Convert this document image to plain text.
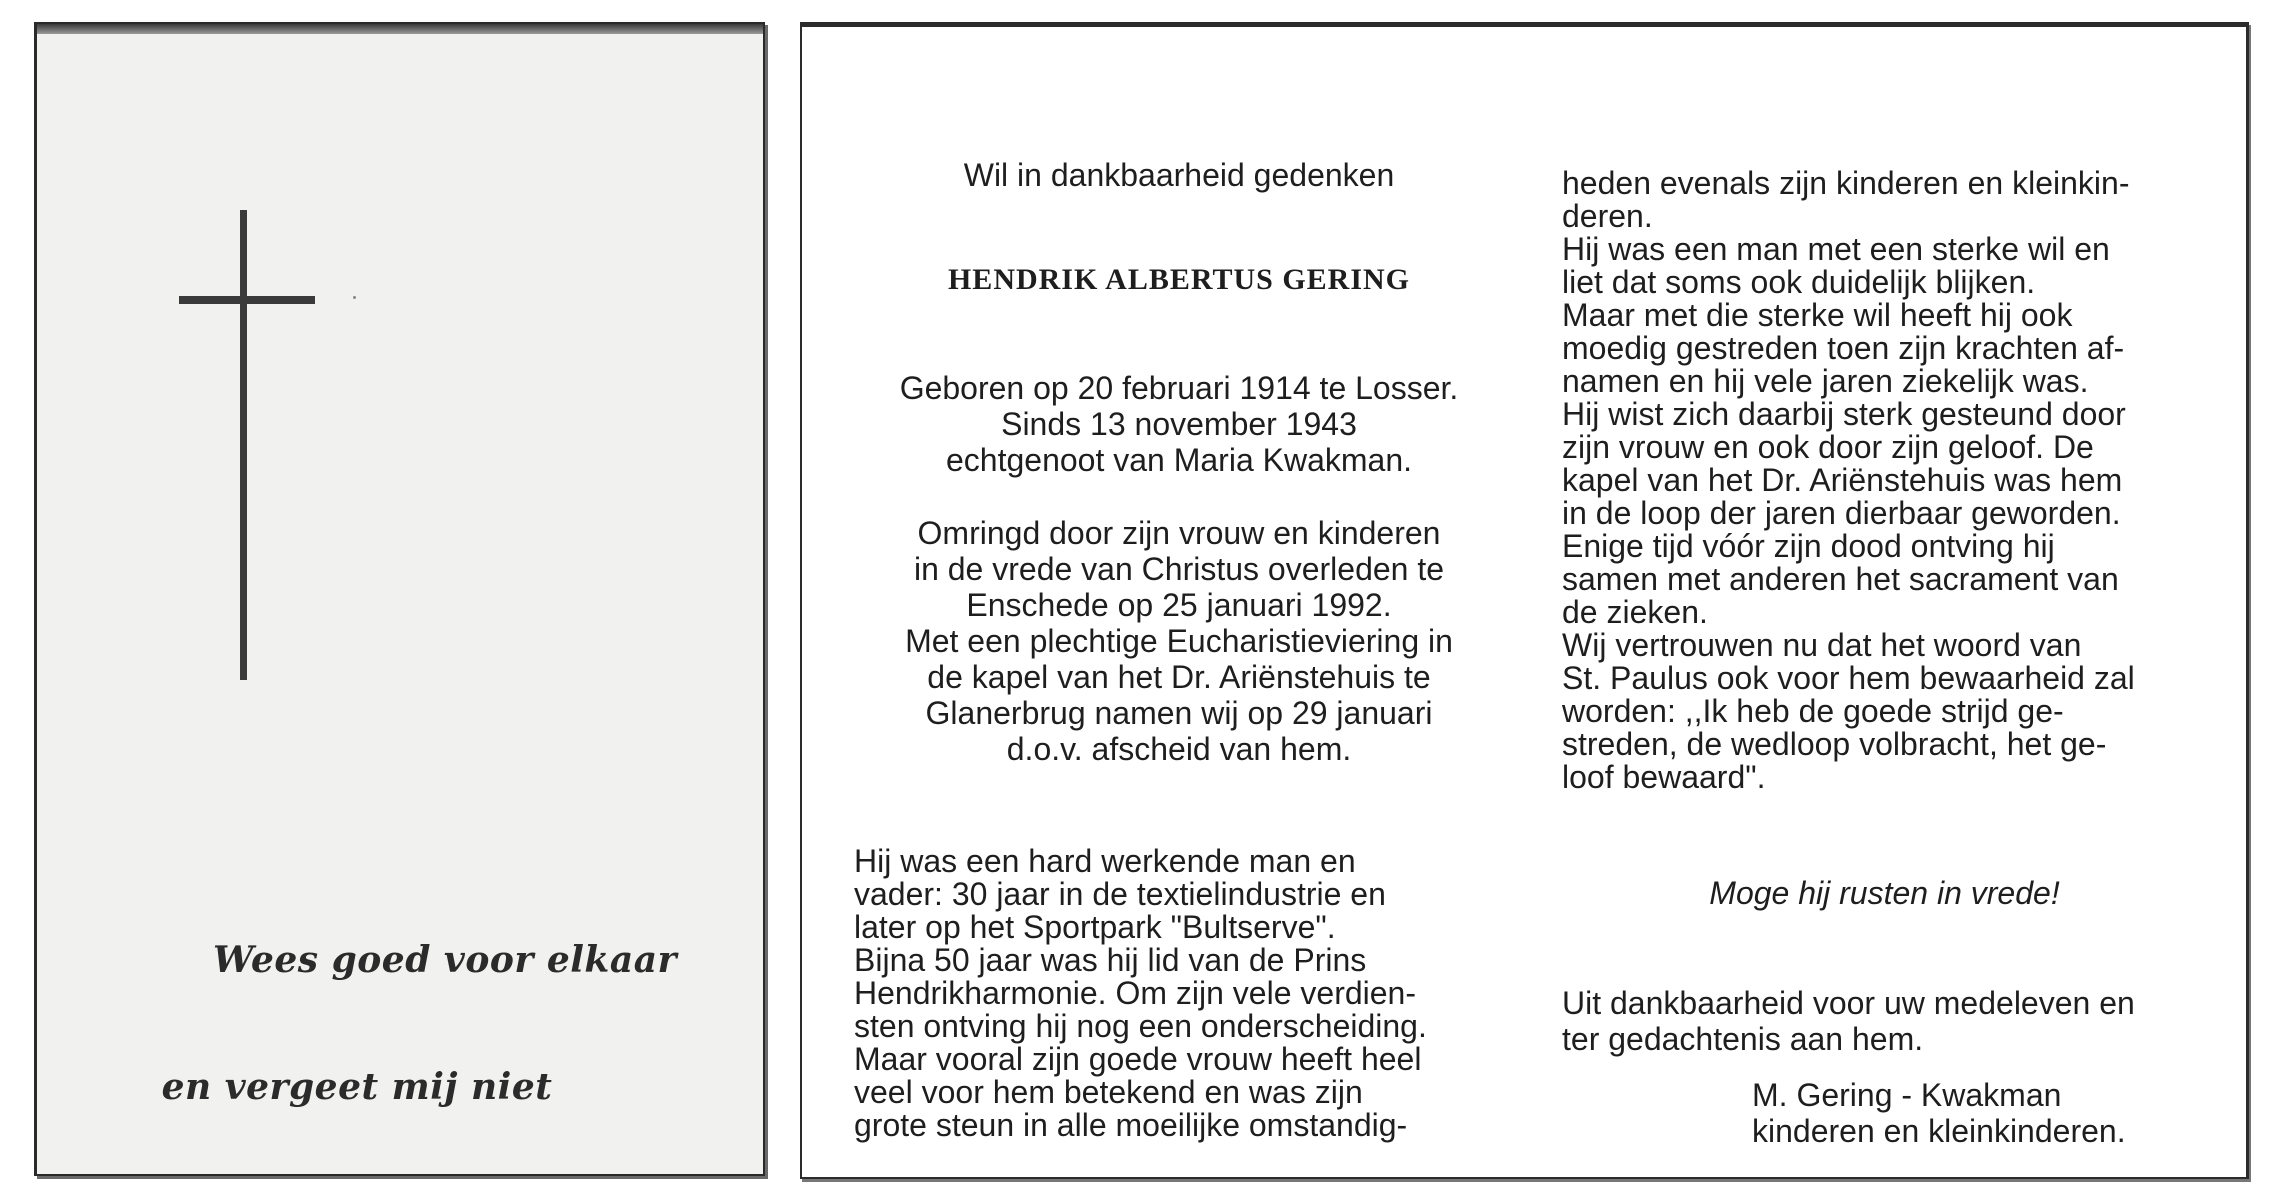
Wees goed voor elkaar
en vergeet mij niet
Wil in dankbaarheid gedenken
HENDRIK ALBERTUS GERING
Geboren op 20 februari 1914 te Losser.
Sinds 13 november 1943
echtgenoot van Maria Kwakman.
Omringd door zijn vrouw en kinderen
in de vrede van Christus overleden te
Enschede op 25 januari 1992.
Met een plechtige Eucharistieviering in
de kapel van het Dr. Ariënstehuis te
Glanerbrug namen wij op 29 januari
d.o.v. afscheid van hem.
Hij was een hard werkende man en
vader: 30 jaar in de textielindustrie en
later op het Sportpark "Bultserve".
Bijna 50 jaar was hij lid van de Prins
Hendrikharmonie. Om zijn vele verdien-
sten ontving hij nog een onderscheiding.
Maar vooral zijn goede vrouw heeft heel
veel voor hem betekend en was zijn
grote steun in alle moeilijke omstandig-
heden evenals zijn kinderen en kleinkin-
deren.
Hij was een man met een sterke wil en
liet dat soms ook duidelijk blijken.
Maar met die sterke wil heeft hij ook
moedig gestreden toen zijn krachten af-
namen en hij vele jaren ziekelijk was.
Hij wist zich daarbij sterk gesteund door
zijn vrouw en ook door zijn geloof. De
kapel van het Dr. Ariënstehuis was hem
in de loop der jaren dierbaar geworden.
Enige tijd vóór zijn dood ontving hij
samen met anderen het sacrament van
de zieken.
Wij vertrouwen nu dat het woord van
St. Paulus ook voor hem bewaarheid zal
worden: ,,Ik heb de goede strijd ge-
streden, de wedloop volbracht, het ge-
loof bewaard".
Moge hij rusten in vrede!
Uit dankbaarheid voor uw medeleven en
ter gedachtenis aan hem.
M. Gering - Kwakman
kinderen en kleinkinderen.
